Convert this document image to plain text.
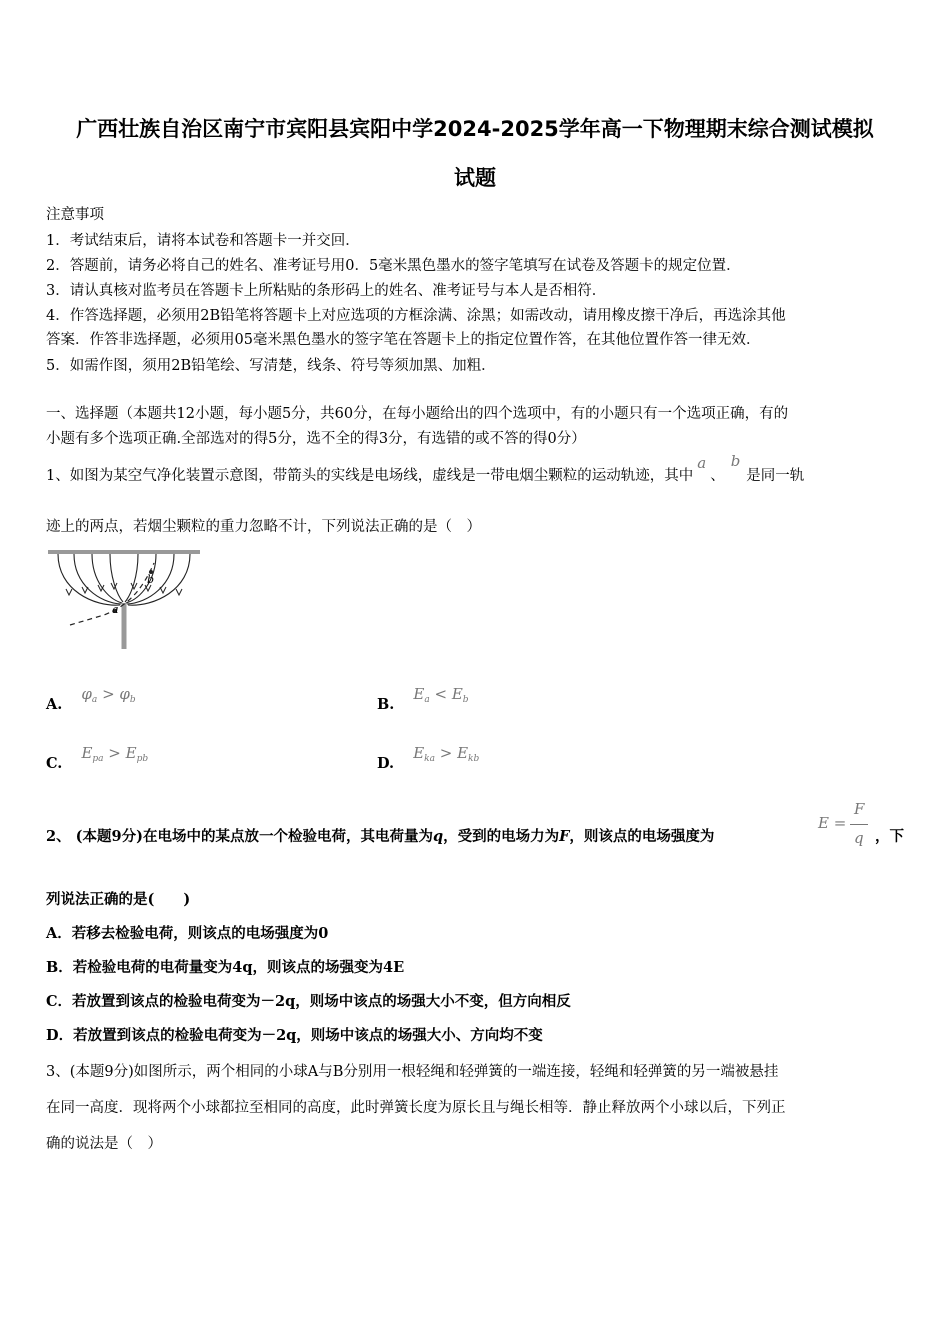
广西壮族自治区南宁市宾阳县宾阳中学2024-2025学年高一下物理期末综合测试模拟
试题
注意事项
1．考试结束后，请将本试卷和答题卡一并交回．
2．答题前，请务必将自己的姓名、准考证号用0．5毫米黑色墨水的签字笔填写在试卷及答题卡的规定位置．
3．请认真核对监考员在答题卡上所粘贴的条形码上的姓名、准考证号与本人是否相符．
4．作答选择题，必须用2B铅笔将答题卡上对应选项的方框涂满、涂黑；如需改动，请用橡皮擦干净后，再选涂其他
答案．作答非选择题，必须用05毫米黑色墨水的签字笔在答题卡上的指定位置作答，在其他位置作答一律无效．
5．如需作图，须用2B铅笔绘、写清楚，线条、符号等须加黑、加粗．
一、选择题（本题共12小题，每小题5分，共60分，在每小题给出的四个选项中，有的小题只有一个选项正确，有的
小题有多个选项正确.全部选对的得5分，选不全的得3分，有选错的或不答的得0分）
1、如图为某空气净化装置示意图，带箭头的实线是电场线，虚线是一带电烟尘颗粒的运动轨迹，其中a、b是同一轨
迹上的两点，若烟尘颗粒的重力忽略不计，下列说法正确的是（　）
a
b
A. $\varphi_a > \varphi_b$	B. $E_a < E_b$
C. $E_{pa} > E_{pb}$	D. $E_{ka} > E_{kb}$
2、 (本题9分)在电场中的某点放一个检验电荷，其电荷量为q，受到的电场力为F，则该点的电场强度为
E =
F
q ，下
列说法正确的是(　　)
A．若移去检验电荷，则该点的电场强度为0
B．若检验电荷的电荷量变为4q，则该点的场强变为4E
C．若放置到该点的检验电荷变为－2q，则场中该点的场强大小不变，但方向相反
D．若放置到该点的检验电荷变为－2q，则场中该点的场强大小、方向均不变
3、(本题9分)如图所示，两个相同的小球A与B分别用一根轻绳和轻弹簧的一端连接，轻绳和轻弹簧的另一端被悬挂
在同一高度．现将两个小球都拉至相同的高度，此时弹簧长度为原长且与绳长相等．静止释放两个小球以后，下列正
确的说法是（　）
